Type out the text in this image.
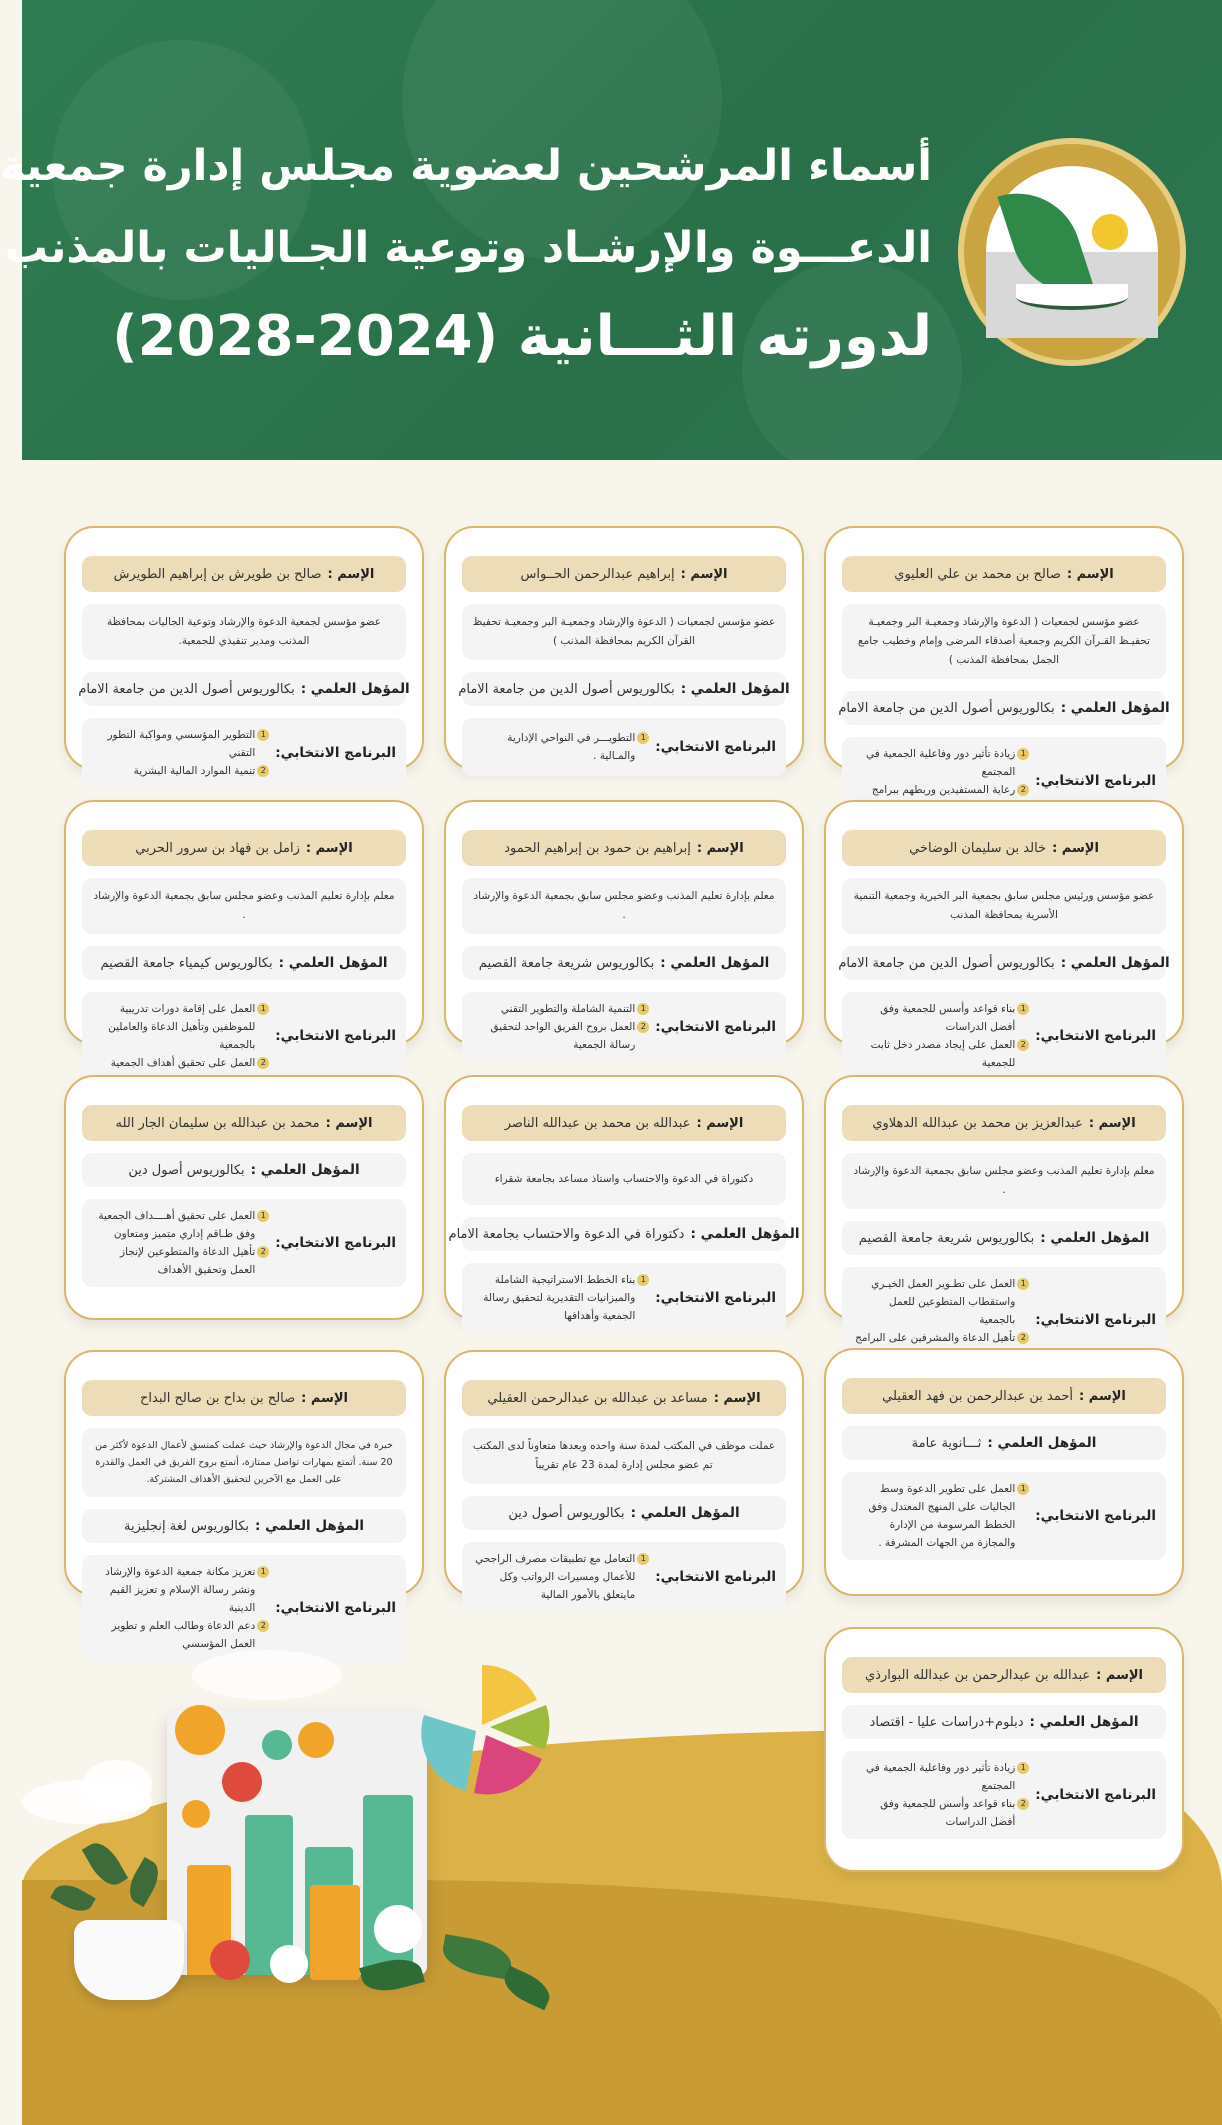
أسماء المرشحين لعضوية مجلس إدارة جمعية
الدعـــوة والإرشـاد وتوعية الجـاليات بالمذنب
لدورته الثـــانية (2024-2028)
الإسم :
صالح بن محمد بن علي العليوي
عضو مؤسس لجمعيات ( الدعوة والإرشاد وجمعيـة البر وجمعيـة تحفيـظ القـرآن الكريم وجمعية أصدقاء المرضى وإمام وخطيب جامع الجمل بمحافظة المذنب )
المؤهل العلمي :
بكالوريوس أصول الدين من جامعة الامام
البرنامج الانتخابي:
1
زيادة تأثير دور وفاعلية الجمعية في المجتمع
2
رعاية المستفيدين وربطهم ببرامج
الإسم :
إبراهيم عبدالرحمن الحــواس
عضو مؤسس لجمعيات ( الدعوة والإرشاد وجمعيـة البر وجمعيـة تحفيظ القرآن الكريم بمحافظة المذنب )
المؤهل العلمي :
بكالوريوس أصول الدين من جامعة الامام
البرنامج الانتخابي:
1
التطويـــر في النواحي الإدارية والمـالية .
الإسم :
صالح بن طويرش بن إبراهيم الطويرش
عضو مؤسس لجمعية الدعوة والإرشاد وتوعية الجاليات بمحافظة المذنب ومدير تنفيذي للجمعية.
المؤهل العلمي :
بكالوريوس أصول الدين من جامعة الامام
البرنامج الانتخابي:
1
التطوير المؤسسي ومواكبة التطور التقني
2
تنمية الموارد المالية البشرية
الإسم :
خالد بن سليمان الوضاخي
عضو مؤسس ورئيس مجلس سابق بجمعية البر الخيرية وجمعية التنمية الأسرية بمحافظة المذنب
المؤهل العلمي :
بكالوريوس أصول الدين من جامعة الامام
البرنامج الانتخابي:
1
بناء قواعد وأسس للجمعية وفق أفضل الدراسات
2
العمل على إيجاد مصدر دخل ثابت للجمعية
الإسم :
إبراهيم بن حمود بن إبراهيم الحمود
معلم بإدارة تعليم المذنب وعضو مجلس سابق بجمعية الدعوة والإرشاد .
المؤهل العلمي :
بكالوريوس شريعة جامعة القصيم
البرنامج الانتخابي:
1
التنمية الشاملة والتطوير التقني
2
العمل بروح الفريق الواحد لتحقيق رسالة الجمعية
الإسم :
زامل بن فهاد بن سرور الحربي
معلم بإدارة تعليم المذنب وعضو مجلس سابق بجمعية الدعوة والإرشاد .
المؤهل العلمي :
بكالوريوس كيمياء جامعة القصيم
البرنامج الانتخابي:
1
العمل على إقامة دورات تدريبية للموظفين وتأهيل الدعاة والعاملين بالجمعية
2
العمل على تحقيق أهداف الجمعية
الإسم :
عبدالعزيز بن محمد بن عبدالله الدهلاوي
معلم بإدارة تعليم المذنب وعضو مجلس سابق بجمعية الدعوة والإرشاد .
المؤهل العلمي :
بكالوريوس شريعة جامعة القصيم
البرنامج الانتخابي:
1
العمل على تطـوير العمل الخيـري واستقطاب المتطوعين للعمل بالجمعية
2
تأهيل الدعاة والمشرفين على البرامج
الإسم :
عبدالله بن محمد بن عبدالله الناصر
دكتوراة في الدعوة والاحتساب واستاذ مساعد بجامعة شقراء
المؤهل العلمي :
دكتوراة في الدعوة والاحتساب بجامعة الامام
البرنامج الانتخابي:
1
بناء الخطط الاستراتيجية الشاملة والميزانيات التقديرية لتحقيق رسالة الجمعية وأهدافها
الإسم :
محمد بن عبدالله بن سليمان الجار الله
المؤهل العلمي :
بكالوريوس أصول دين
البرنامج الانتخابي:
1
العمل على تحقيق أهــــداف الجمعية وفق طـاقم إداري متميز ومتعاون
2
تأهيل الدعاة والمتطوعين لإنجاز العمل وتحقيق الأهداف
الإسم :
أحمد بن عبدالرحمن بن فهد العقيلي
المؤهل العلمي :
ثـــانوية عامة
البرنامج الانتخابي:
1
العمل على تطوير الدعوة وسط الجاليات على المنهج المعتدل وفق الخطط المرسومة من الإدارة والمجازة من الجهات المشرفة .
الإسم :
مساعد بن عبدالله بن عبدالرحمن العقيلي
عملت موظف في المكتب لمدة سنة واحده وبعدها متعاوناً لدى المكتب تم عضو مجلس إدارة لمدة 23 عام تقريباً
المؤهل العلمي :
بكالوريوس أصول دين
البرنامج الانتخابي:
1
التعامل مع تطبيقات مصرف الراجحي للأعمال ومسيرات الرواتب وكل مايتعلق بالأمور المالية
الإسم :
صالح بن بداح بن صالح البداح
خبرة في مجال الدعوة والإرشاد حيث عملت كمنسق لأعمال الدعوة لأكثر من 20 سنة. أتمتع بمهارات تواصل ممتازة، أتمتع بروح الفريق في العمل والقدرة على العمل مع الآخرين لتحقيق الأهداف المشتركة.
المؤهل العلمي :
بكالوريوس لغة إنجليزية
البرنامج الانتخابي:
1
تعزيز مكانة جمعية الدعوة والإرشاد ونشر رسالة الإسلام و تعزيز القيم الدينية
2
دعم الدعاة وطالب العلم و تطوير العمل المؤسسي
الإسم :
عبدالله بن عبدالرحمن بن عبدالله البوارذي
المؤهل العلمي :
دبلوم+دراسات عليا - اقتصاد
البرنامج الانتخابي:
1
زيادة تأثير دور وفاعلية الجمعية في المجتمع
2
بناء قواعد وأسس للجمعية وفق أفضل الدراسات
